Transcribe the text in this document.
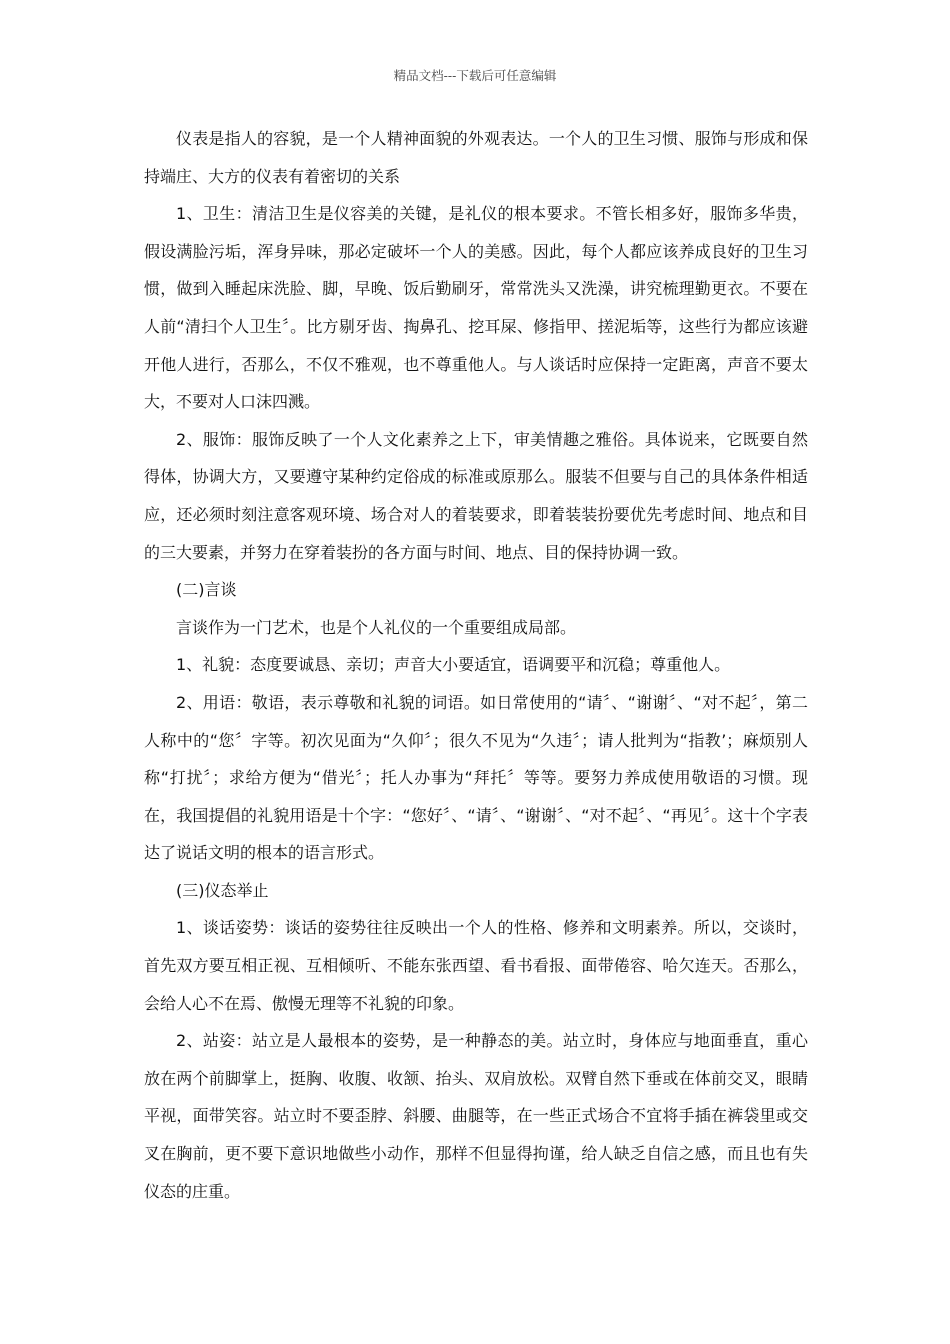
精品文档---下载后可任意编辑

仪表是指人的容貌，是一个人精神面貌的外观表达。一个人的卫生习惯、服饰与形成和保持端庄、大方的仪表有着密切的关系

1、卫生：清洁卫生是仪容美的关键，是礼仪的根本要求。不管长相多好，服饰多华贵，假设满脸污垢，浑身异味，那必定破坏一个人的美感。因此，每个人都应该养成良好的卫生习惯，做到入睡起床洗脸、脚，早晚、饭后勤刷牙，常常洗头又洗澡，讲究梳理勤更衣。不要在人前“清扫个人卫生〞。比方剔牙齿、掏鼻孔、挖耳屎、修指甲、搓泥垢等，这些行为都应该避开他人进行，否那么，不仅不雅观，也不尊重他人。与人谈话时应保持一定距离，声音不要太大，不要对人口沫四溅。

2、服饰：服饰反映了一个人文化素养之上下，审美情趣之雅俗。具体说来，它既要自然得体，协调大方，又要遵守某种约定俗成的标准或原那么。服装不但要与自己的具体条件相适应，还必须时刻注意客观环境、场合对人的着装要求，即着装装扮要优先考虑时间、地点和目的三大要素，并努力在穿着装扮的各方面与时间、地点、目的保持协调一致。

(二)言谈

言谈作为一门艺术，也是个人礼仪的一个重要组成局部。

1、礼貌：态度要诚恳、亲切；声音大小要适宜，语调要平和沉稳；尊重他人。

2、用语：敬语，表示尊敬和礼貌的词语。如日常使用的“请〞、“谢谢〞、“对不起〞，第二人称中的“您〞字等。初次见面为“久仰〞；很久不见为“久违〞；请人批判为“指教’；麻烦别人称“打扰〞；求给方便为“借光〞；托人办事为“拜托〞等等。要努力养成使用敬语的习惯。现在，我国提倡的礼貌用语是十个字：“您好〞、“请〞、“谢谢〞、“对不起〞、“再见〞。这十个字表达了说话文明的根本的语言形式。

(三)仪态举止

1、谈话姿势：谈话的姿势往往反映出一个人的性格、修养和文明素养。所以，交谈时，首先双方要互相正视、互相倾听、不能东张西望、看书看报、面带倦容、哈欠连天。否那么，会给人心不在焉、傲慢无理等不礼貌的印象。

2、站姿：站立是人最根本的姿势，是一种静态的美。站立时，身体应与地面垂直，重心放在两个前脚掌上，挺胸、收腹、收颔、抬头、双肩放松。双臂自然下垂或在体前交叉，眼睛平视，面带笑容。站立时不要歪脖、斜腰、曲腿等，在一些正式场合不宜将手插在裤袋里或交叉在胸前，更不要下意识地做些小动作，那样不但显得拘谨，给人缺乏自信之感，而且也有失仪态的庄重。
